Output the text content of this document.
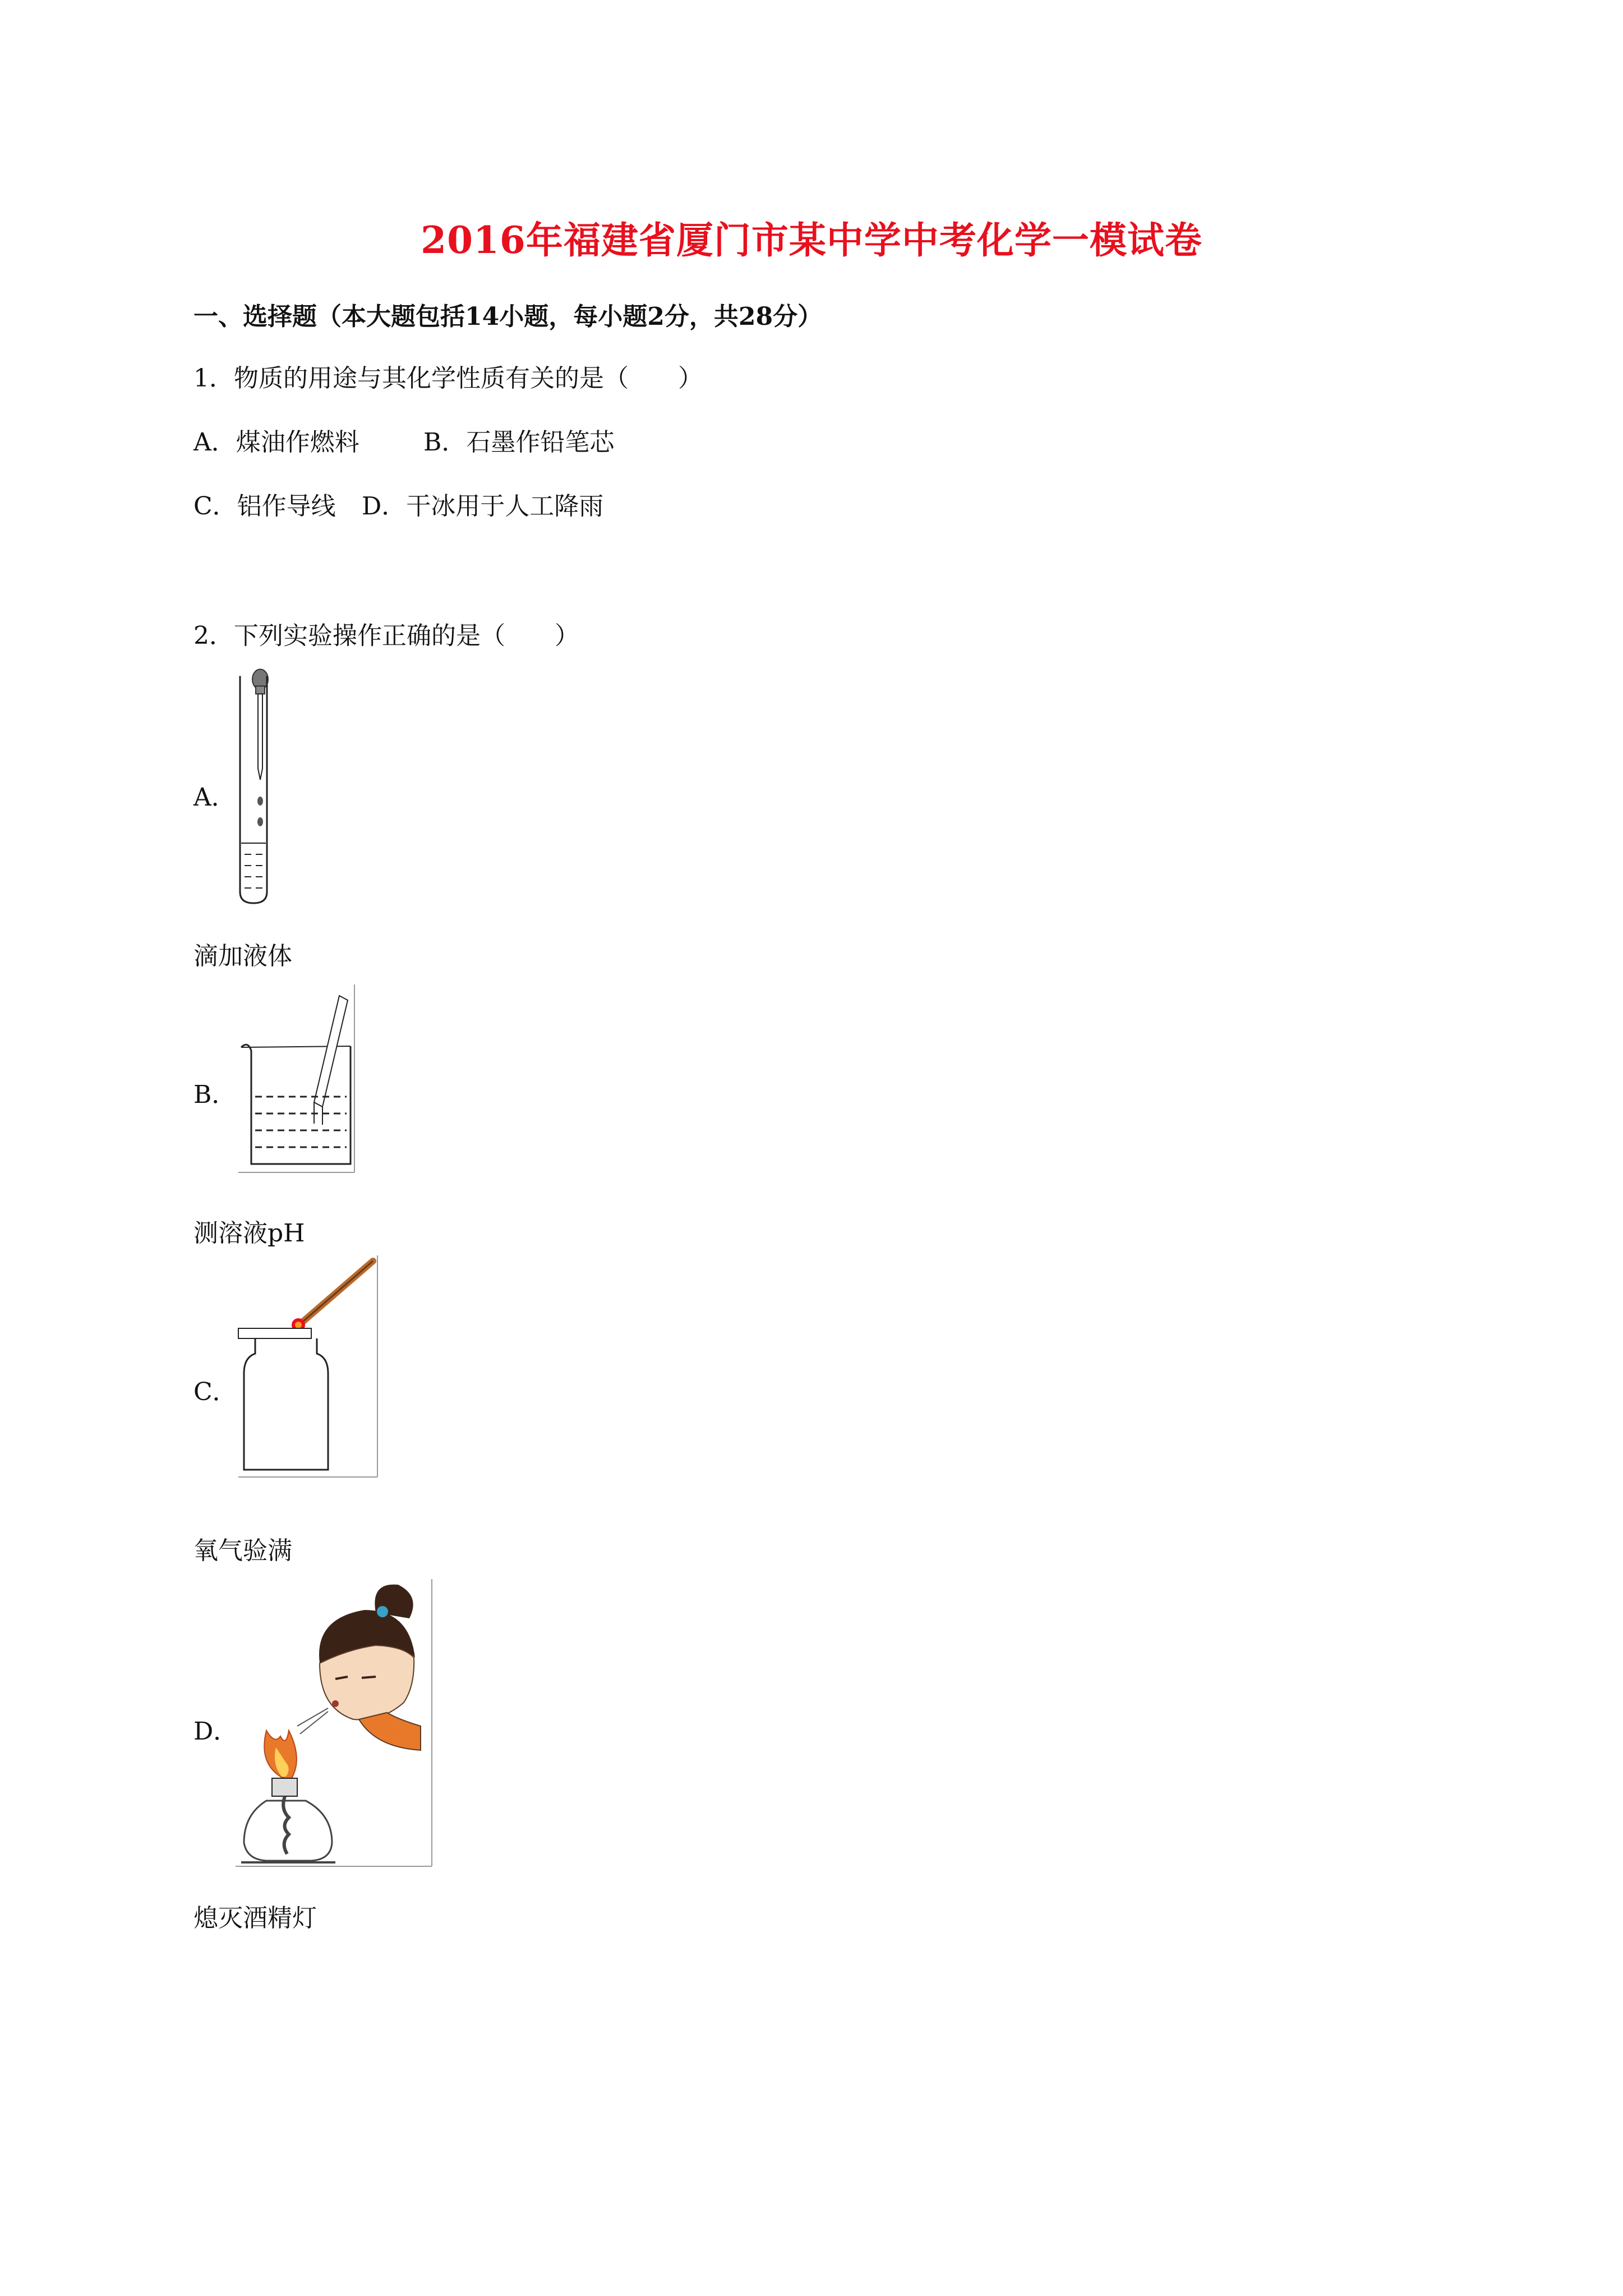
2016年福建省厦门市某中学中考化学一模试卷
一、选择题（本大题包括14小题，每小题2分，共28分）
1．物质的用途与其化学性质有关的是（　　）
A．煤油作燃料	B．石墨作铅笔芯
C．铝作导线 D．干冰用于人工降雨
2．下列实验操作正确的是（　　）
A．
滴加液体
B．
测溶液pH
C．
氧气验满
D．
熄灭酒精灯
